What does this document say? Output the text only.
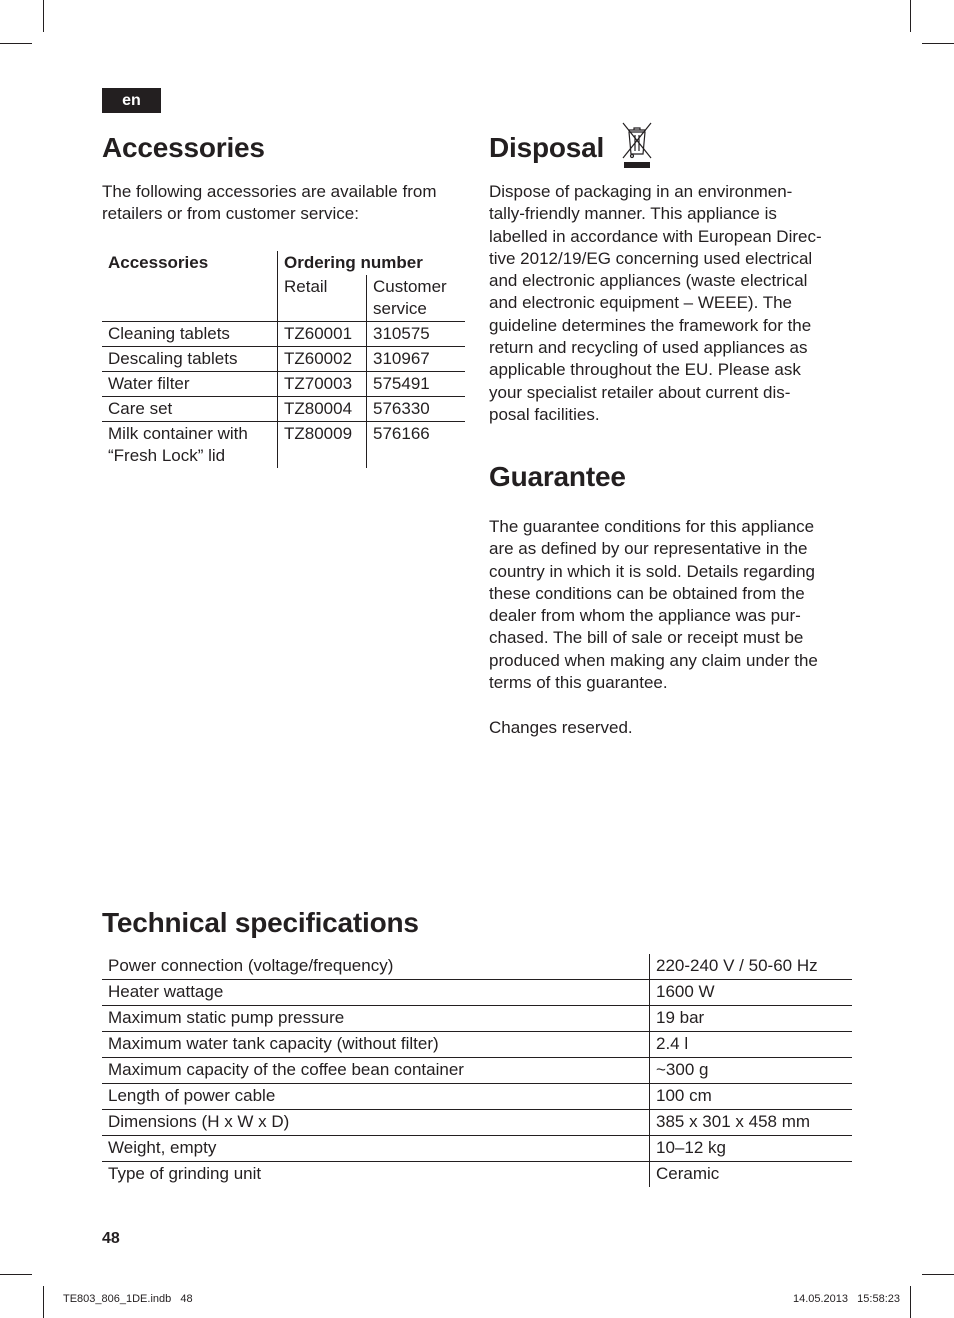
en
Accessories
The following accessories are available from retailers or from customer service:
Accessories	Ordering number	
	Retail	Customer
service
Cleaning tablets	TZ60001	310575
Descaling tablets	TZ60002	310967
Water filter	TZ70003	575491
Care set	TZ80004	576330
Milk container with
“Fresh Lock” lid	TZ80009	576166
Disposal

Dispose of packaging in an environmen-

tally-friendly manner. This appliance is

labelled in accordance with European Direc-

tive 2012/19/EG concerning used electrical

and electronic appliances (waste electrical

and electronic equipment – WEEE). The

guideline determines the framework for the

return and recycling of used appliances as

applicable throughout the EU. Please ask

your specialist retailer about current dis-

posal facilities.

Guarantee

The guarantee conditions for this appliance

are as defined by our representative in the

country in which it is sold. Details regarding

these conditions can be obtained from the

dealer from whom the appliance was pur-

chased. The bill of sale or receipt must be

produced when making any claim under the

terms of this guarantee.

Changes reserved.
Technical specifications
Power connection (voltage/frequency)	220-240 V / 50-60 Hz
Heater wattage	1600 W
Maximum static pump pressure	19 bar
Maximum water tank capacity (without filter)	2.4 l
Maximum capacity of the coffee bean container	~300 g
Length of power cable	100 cm
Dimensions (H x W x D)	385 x 301 x 458 mm
Weight, empty	10–12 kg
Type of grinding unit	Ceramic
48
TE803_806_1DE.indb   48	14.05.2013   15:58:23
